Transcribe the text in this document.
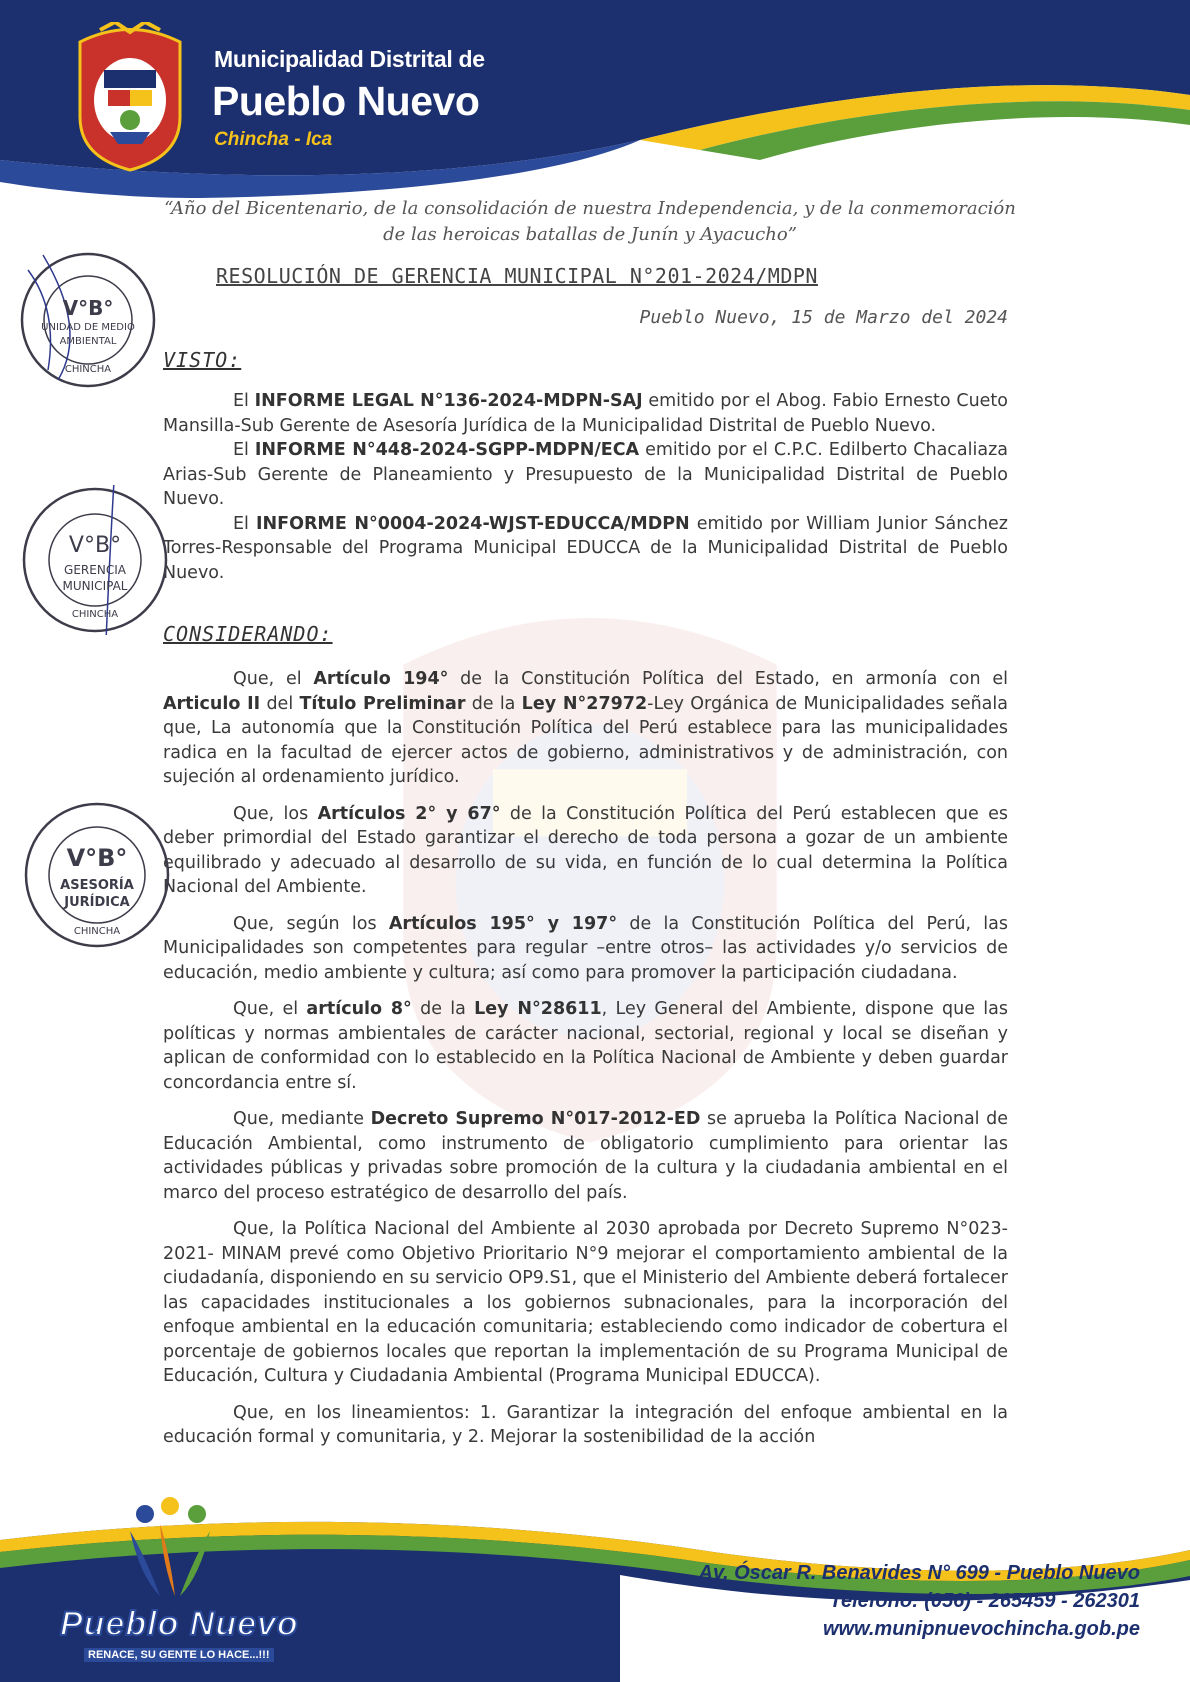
Municipalidad Distrital de
Pueblo Nuevo
Chincha - Ica
“Año del Bicentenario, de la consolidación de nuestra Independencia, y de la conmemoración
de las heroicas batallas de Junín y Ayacucho”
RESOLUCIÓN DE GERENCIA MUNICIPAL N°201-2024/MDPN
Pueblo Nuevo, 15 de Marzo del 2024
VISTO:

El INFORME LEGAL N°136-2024-MDPN-SAJ emitido por el Abog. Fabio Ernesto Cueto Mansilla-Sub Gerente de Asesoría Jurídica de la Municipalidad Distrital de Pueblo Nuevo.

El INFORME N°448-2024-SGPP-MDPN/ECA emitido por el C.P.C. Edilberto Chacaliaza Arias-Sub Gerente de Planeamiento y Presupuesto de la Municipalidad Distrital de Pueblo Nuevo.

El INFORME N°0004-2024-WJST-EDUCCA/MDPN emitido por William Junior Sánchez Torres-Responsable del Programa Municipal EDUCCA de la Municipalidad Distrital de Pueblo Nuevo.

CONSIDERANDO:

Que, el Artículo 194° de la Constitución Política del Estado, en armonía con el Articulo II del Título Preliminar de la Ley N°27972-Ley Orgánica de Municipalidades señala que, La autonomía que la Constitución Política del Perú establece para las municipalidades radica en la facultad de ejercer actos de gobierno, administrativos y de administración, con sujeción al ordenamiento jurídico.

Que, los Artículos 2° y 67° de la Constitución Política del Perú establecen que es deber primordial del Estado garantizar el derecho de toda persona a gozar de un ambiente equilibrado y adecuado al desarrollo de su vida, en función de lo cual determina la Política Nacional del Ambiente.

Que, según los Artículos 195° y 197° de la Constitución Política del Perú, las Municipalidades son competentes para regular –entre otros– las actividades y/o servicios de educación, medio ambiente y cultura; así como para promover la participación ciudadana.

Que, el artículo 8° de la Ley N°28611, Ley General del Ambiente, dispone que las políticas y normas ambientales de carácter nacional, sectorial, regional y local se diseñan y aplican de conformidad con lo establecido en la Política Nacional de Ambiente y deben guardar concordancia entre sí.

Que, mediante Decreto Supremo N°017-2012-ED se aprueba la Política Nacional de Educación Ambiental, como instrumento de obligatorio cumplimiento para orientar las actividades públicas y privadas sobre promoción de la cultura y la ciudadania ambiental en el marco del proceso estratégico de desarrollo del país.

Que, la Política Nacional del Ambiente al 2030 aprobada por Decreto Supremo N°023-2021- MINAM prevé como Objetivo Prioritario N°9 mejorar el comportamiento ambiental de la ciudadanía, disponiendo en su servicio OP9.S1, que el Ministerio del Ambiente deberá fortalecer las capacidades institucionales a los gobiernos subnacionales, para la incorporación del enfoque ambiental en la educación comunitaria; estableciendo como indicador de cobertura el porcentaje de gobiernos locales que reportan la implementación de su Programa Municipal de Educación, Cultura y Ciudadania Ambiental (Programa Municipal EDUCCA).

Que, en los lineamientos: 1. Garantizar la integración del enfoque ambiental en la educación formal y comunitaria, y 2. Mejorar la sostenibilidad de la acción

V°B°
UNIDAD DE MEDIO
AMBIENTAL
CHINCHA
V°B°
GERENCIA
MUNICIPAL
CHINCHA
V°B°
ASESORÍA
JURÍDICA
CHINCHA
Pueblo Nuevo
RENACE, SU GENTE LO HACE...!!!
Av. Óscar R. Benavides N° 699 - Pueblo Nuevo
Teléfono: (056) - 265459 - 262301
www.munipnuevochincha.gob.pe
